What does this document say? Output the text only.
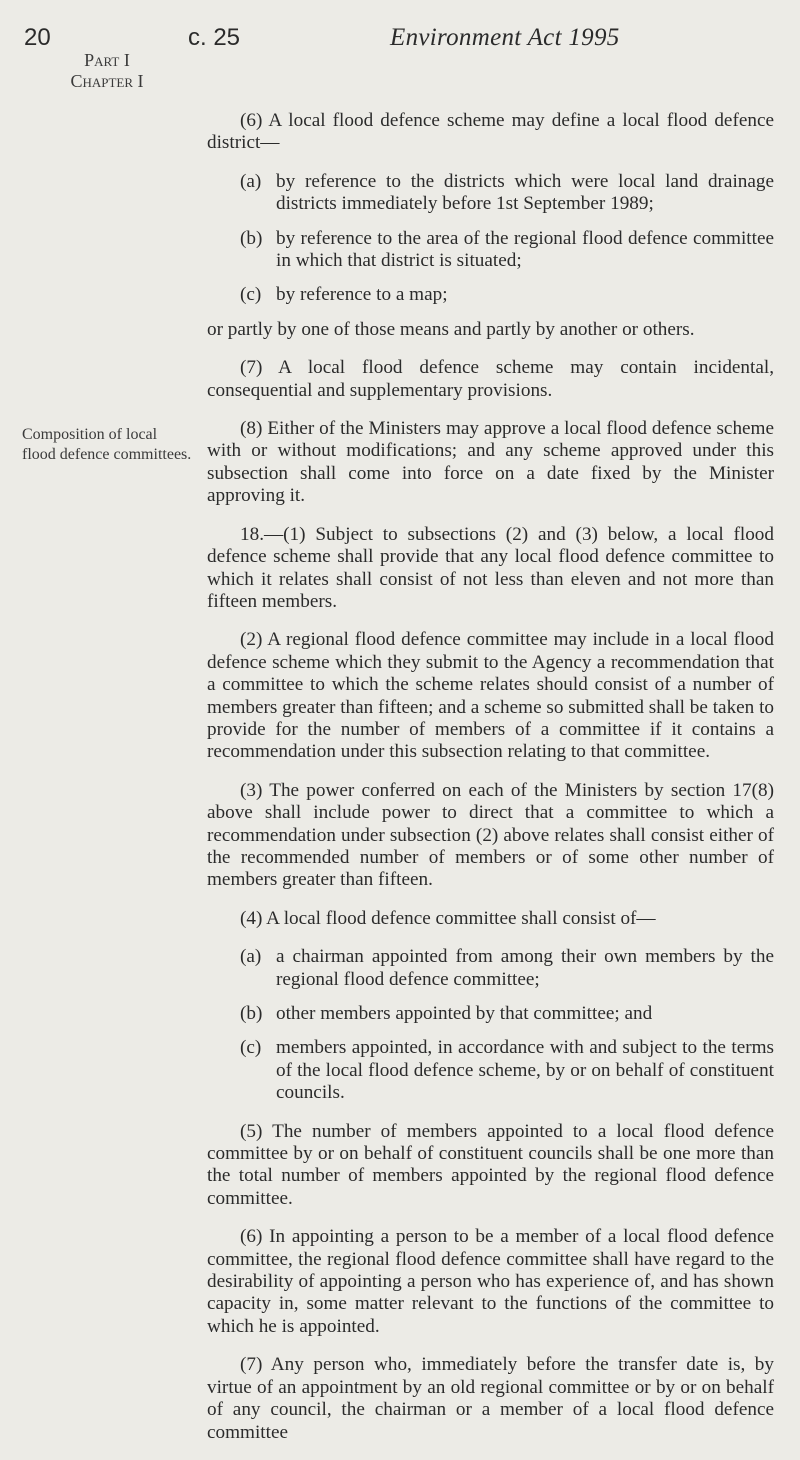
20	c. 25	Environment Act 1995
Part I
Chapter I
Composition of local flood defence committees.

(6) A local flood defence scheme may define a local flood defence district—

(a) by reference to the districts which were local land drainage districts immediately before 1st September 1989;
(b) by reference to the area of the regional flood defence committee in which that district is situated;
(c) by reference to a map;

or partly by one of those means and partly by another or others.

(7) A local flood defence scheme may contain incidental, consequential and supplementary provisions.

(8) Either of the Ministers may approve a local flood defence scheme with or without modifications; and any scheme approved under this subsection shall come into force on a date fixed by the Minister approving it.

18.—(1) Subject to subsections (2) and (3) below, a local flood defence scheme shall provide that any local flood defence committee to which it relates shall consist of not less than eleven and not more than fifteen members.

(2) A regional flood defence committee may include in a local flood defence scheme which they submit to the Agency a recommendation that a committee to which the scheme relates should consist of a number of members greater than fifteen; and a scheme so submitted shall be taken to provide for the number of members of a committee if it contains a recommendation under this subsection relating to that committee.

(3) The power conferred on each of the Ministers by section 17(8) above shall include power to direct that a committee to which a recommendation under subsection (2) above relates shall consist either of the recommended number of members or of some other number of members greater than fifteen.

(4) A local flood defence committee shall consist of—

(a) a chairman appointed from among their own members by the regional flood defence committee;
(b) other members appointed by that committee; and
(c) members appointed, in accordance with and subject to the terms of the local flood defence scheme, by or on behalf of constituent councils.

(5) The number of members appointed to a local flood defence committee by or on behalf of constituent councils shall be one more than the total number of members appointed by the regional flood defence committee.

(6) In appointing a person to be a member of a local flood defence committee, the regional flood defence committee shall have regard to the desirability of appointing a person who has experience of, and has shown capacity in, some matter relevant to the functions of the committee to which he is appointed.

(7) Any person who, immediately before the transfer date is, by virtue of an appointment by an old regional committee or by or on behalf of any council, the chairman or a member of a local flood defence committee
